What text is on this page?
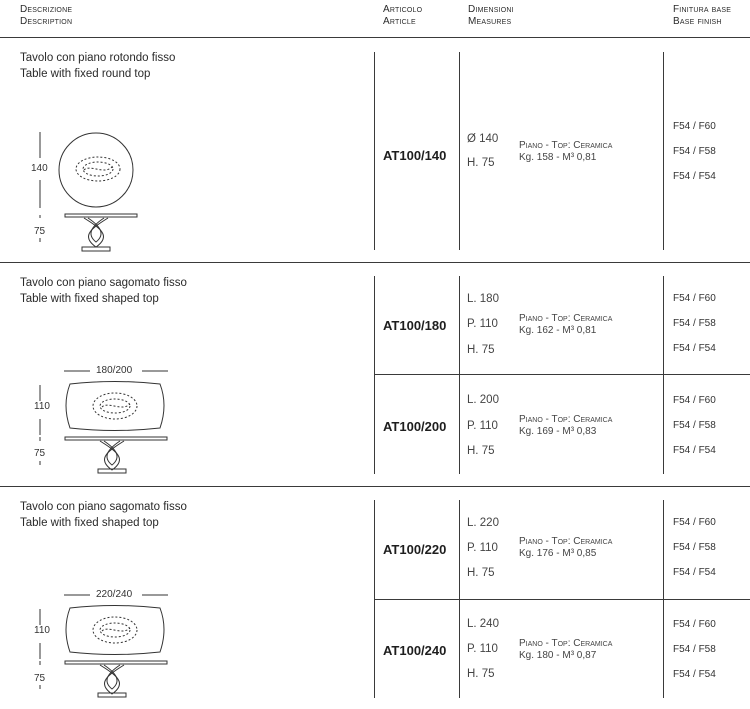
Descrizione
Description
Articolo
Article
Dimensioni
Measures
Finitura base
Base finish
Tavolo con piano rotondo fisso
Table with fixed round top
140
75
AT100/140
Ø 140
H. 75
Piano - Top: Ceramica
Kg. 158 - M³ 0,81
F54 / F60
F54 / F58
F54 / F54
Tavolo con piano sagomato fisso
Table with fixed shaped top
180/200
110
75
AT100/180
L. 180
P. 110
H. 75
Piano - Top: Ceramica
Kg. 162 - M³ 0,81
F54 / F60
F54 / F58
F54 / F54
AT100/200
L. 200
P. 110
H. 75
Piano - Top: Ceramica
Kg. 169 - M³ 0,83
F54 / F60
F54 / F58
F54 / F54
Tavolo con piano sagomato fisso
Table with fixed shaped top
220/240
110
75
AT100/220
L. 220
P. 110
H. 75
Piano - Top: Ceramica
Kg. 176 - M³ 0,85
F54 / F60
F54 / F58
F54 / F54
AT100/240
L. 240
P. 110
H. 75
Piano - Top: Ceramica
Kg. 180 - M³ 0,87
F54 / F60
F54 / F58
F54 / F54
